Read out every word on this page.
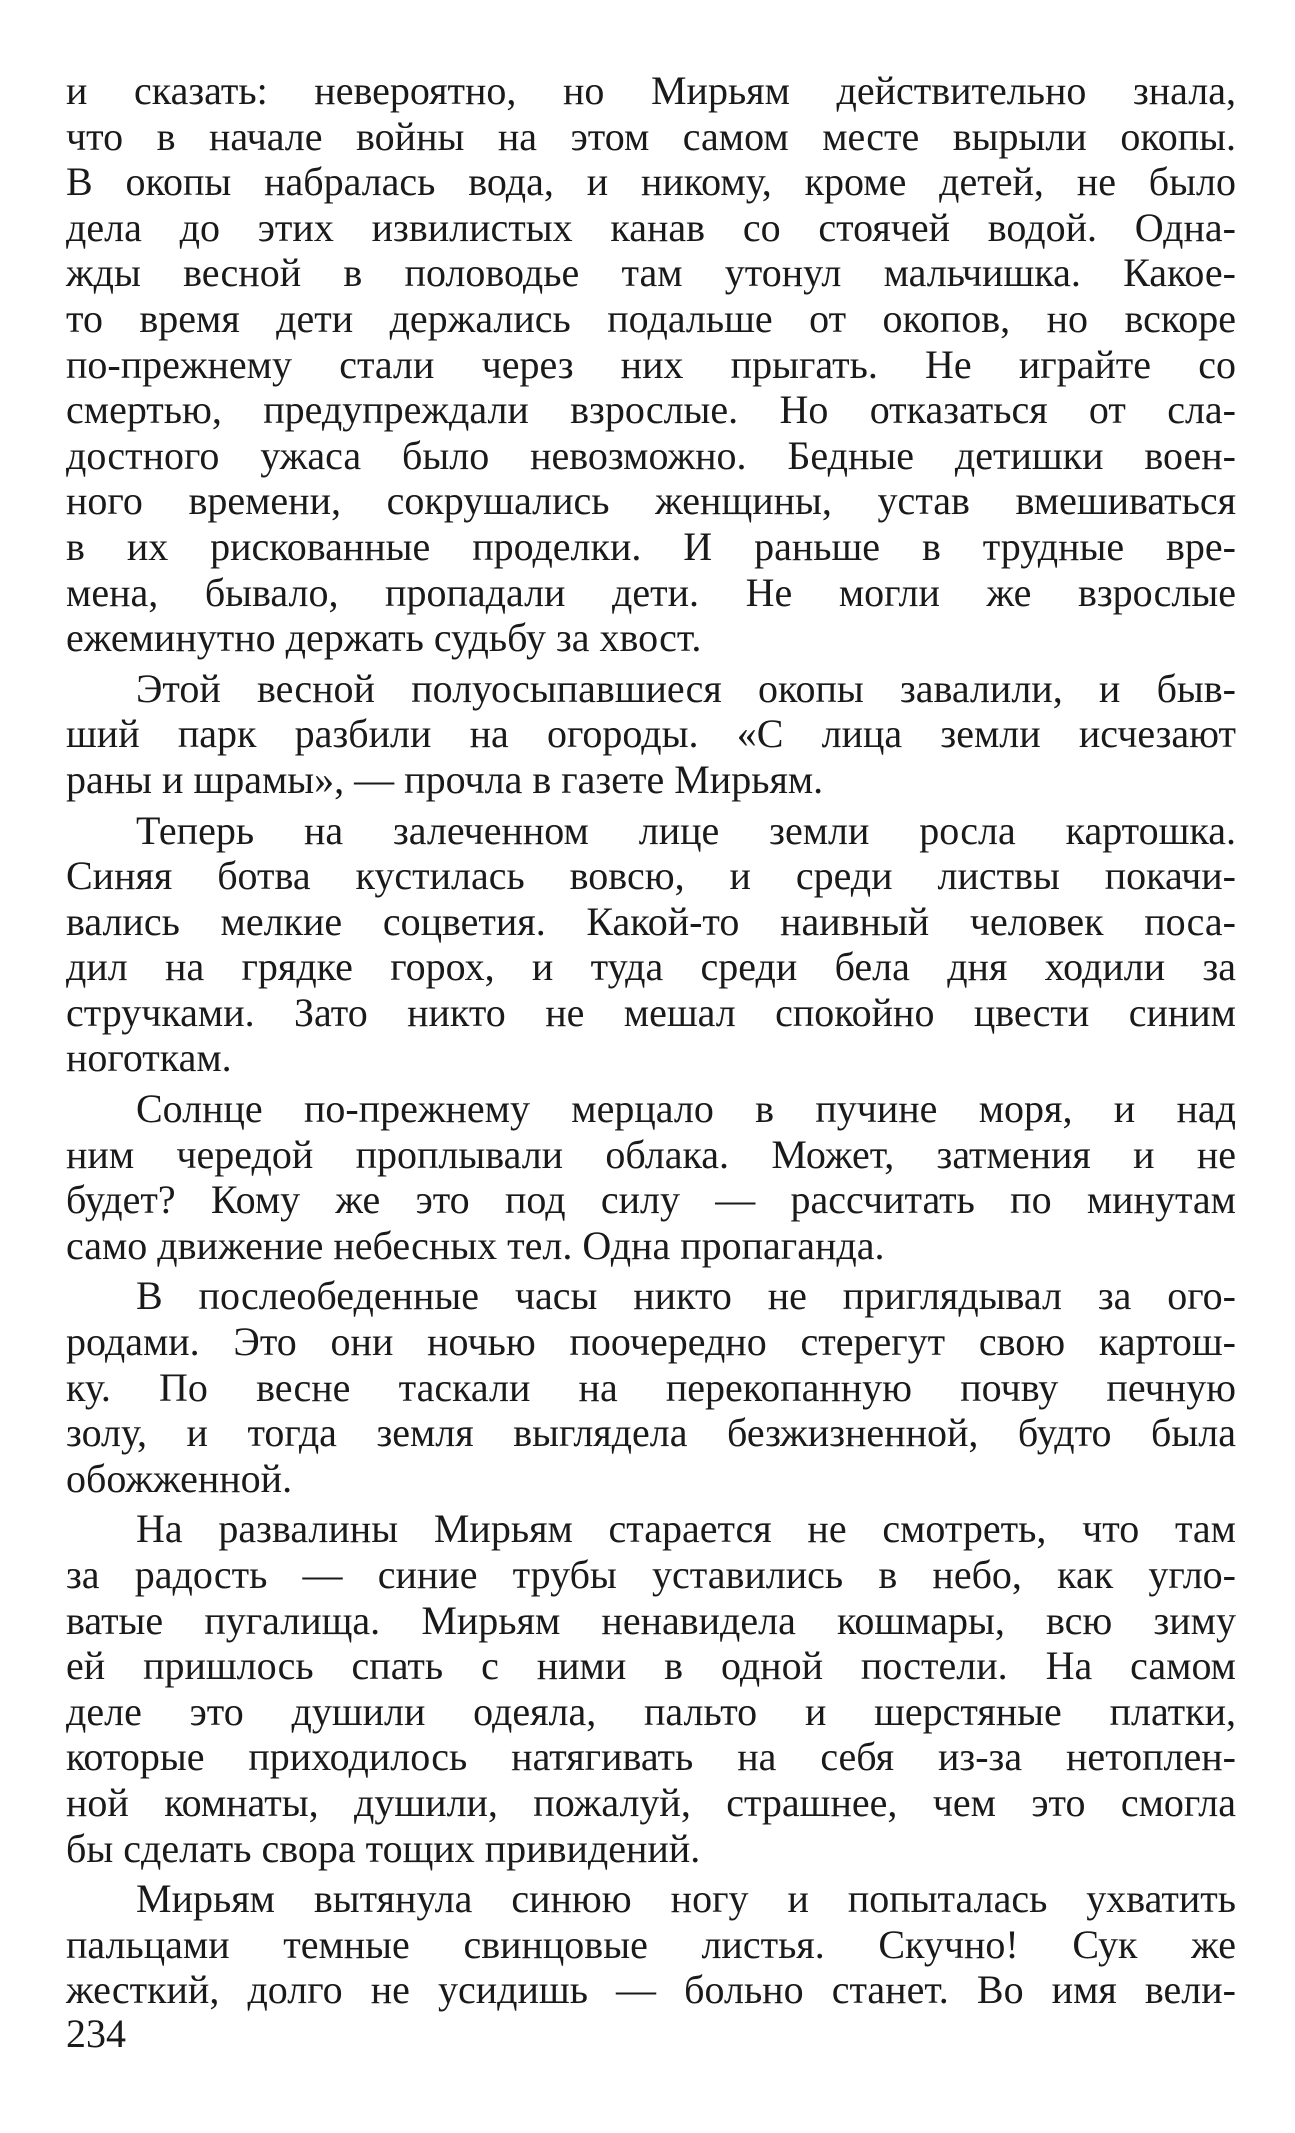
и сказать: невероятно, но Мирьям действительно знала,
что в начале войны на этом самом месте вырыли окопы.
В окопы набралась вода, и никому, кроме детей, не было
дела до этих извилистых канав со стоячей водой. Одна-
жды весной в половодье там утонул мальчишка. Какое-
то время дети держались подальше от окопов, но вскоре
по-прежнему стали через них прыгать. Не играйте со
смертью, предупреждали взрослые. Но отказаться от сла-
достного ужаса было невозможно. Бедные детишки воен-
ного времени, сокрушались женщины, устав вмешиваться
в их рискованные проделки. И раньше в трудные вре-
мена, бывало, пропадали дети. Не могли же взрослые
ежеминутно держать судьбу за хвост.
Этой весной полуосыпавшиеся окопы завалили, и быв-
ший парк разбили на огороды. «С лица земли исчезают
раны и шрамы», — прочла в газете Мирьям.
Теперь на залеченном лице земли росла картошка.
Синяя ботва кустилась вовсю, и среди листвы покачи-
вались мелкие соцветия. Какой-то наивный человек поса-
дил на грядке горох, и туда среди бела дня ходили за
стручками. Зато никто не мешал спокойно цвести синим
ноготкам.
Солнце по-прежнему мерцало в пучине моря, и над
ним чередой проплывали облака. Может, затмения и не
будет? Кому же это под силу — рассчитать по минутам
само движение небесных тел. Одна пропаганда.
В послеобеденные часы никто не приглядывал за ого-
родами. Это они ночью поочередно стерегут свою картош-
ку. По весне таскали на перекопанную почву печную
золу, и тогда земля выглядела безжизненной, будто была
обожженной.
На развалины Мирьям старается не смотреть, что там
за радость — синие трубы уставились в небо, как угло-
ватые пугалища. Мирьям ненавидела кошмары, всю зиму
ей пришлось спать с ними в одной постели. На самом
деле это душили одеяла, пальто и шерстяные платки,
которые приходилось натягивать на себя из-за нетоплен-
ной комнаты, душили, пожалуй, страшнее, чем это смогла
бы сделать свора тощих привидений.
Мирьям вытянула синюю ногу и попыталась ухватить
пальцами темные свинцовые листья. Скучно! Сук же
жесткий, долго не усидишь — больно станет. Во имя вели-
234
